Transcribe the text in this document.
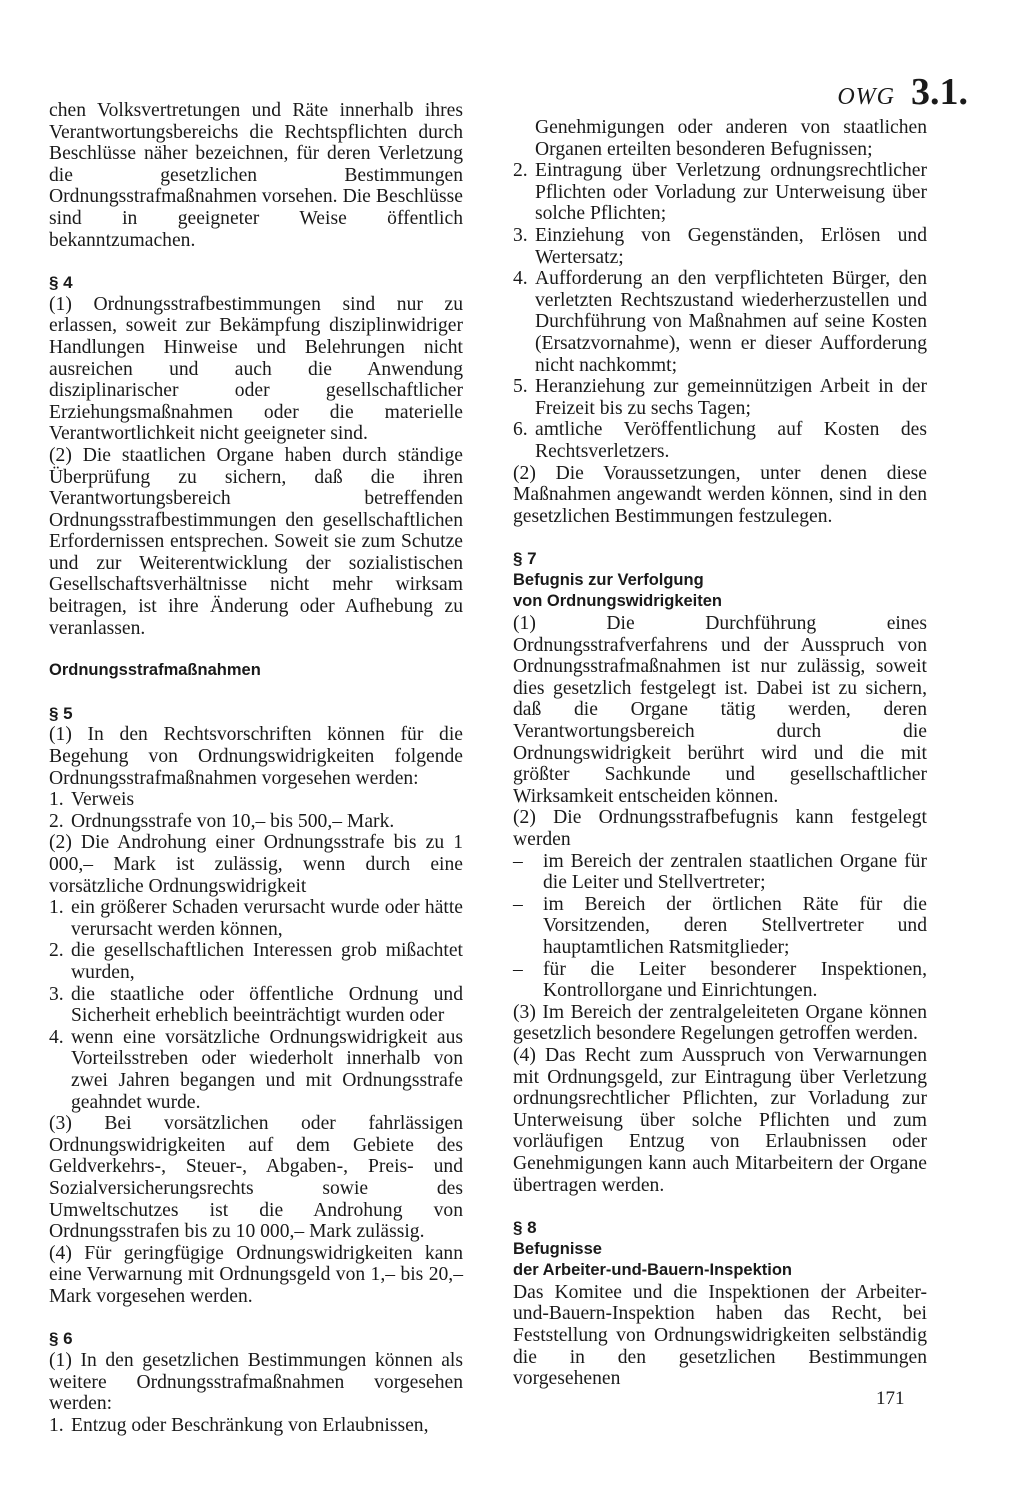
OWG 3.1.

chen Volksvertretungen und Räte innerhalb ihres Verantwortungsbereichs die Rechtspflichten durch Beschlüsse näher bezeichnen, für deren Verletzung die gesetzlichen Bestimmungen Ordnungsstrafmaßnahmen vorsehen. Die Beschlüsse sind in geeigneter Weise öffentlich bekanntzumachen.

§ 4

(1) Ordnungsstrafbestimmungen sind nur zu erlassen, soweit zur Bekämpfung disziplinwidriger Handlungen Hinweise und Belehrungen nicht ausreichen und auch die Anwendung disziplinarischer oder gesellschaftlicher Erziehungsmaßnahmen oder die materielle Verantwortlichkeit nicht geeigneter sind.

(2) Die staatlichen Organe haben durch ständige Überprüfung zu sichern, daß die ihren Verantwortungsbereich betreffenden Ordnungsstrafbestimmungen den gesellschaftlichen Erfordernissen entsprechen. Soweit sie zum Schutze und zur Weiterentwicklung der sozialistischen Gesellschaftsverhältnisse nicht mehr wirksam beitragen, ist ihre Änderung oder Aufhebung zu veranlassen.

Ordnungsstrafmaßnahmen

§ 5

(1) In den Rechtsvorschriften können für die Begehung von Ordnungswidrigkeiten folgende Ordnungsstrafmaßnahmen vorgesehen werden:

1. Verweis
2. Ordnungsstrafe von 10,– bis 500,– Mark.

(2) Die Androhung einer Ordnungsstrafe bis zu 1 000,– Mark ist zulässig, wenn durch eine vorsätzliche Ordnungswidrigkeit

1. ein größerer Schaden verursacht wurde oder hätte verursacht werden können,
2. die gesellschaftlichen Interessen grob mißachtet wurden,
3. die staatliche oder öffentliche Ordnung und Sicherheit erheblich beeinträchtigt wurden oder
4. wenn eine vorsätzliche Ordnungswidrigkeit aus Vorteilsstreben oder wiederholt innerhalb von zwei Jahren begangen und mit Ordnungsstrafe geahndet wurde.

(3) Bei vorsätzlichen oder fahrlässigen Ordnungswidrigkeiten auf dem Gebiete des Geldverkehrs-, Steuer-, Abgaben-, Preis- und Sozialversicherungsrechts sowie des Umweltschutzes ist die Androhung von Ordnungsstrafen bis zu 10 000,– Mark zulässig.

(4) Für geringfügige Ordnungswidrigkeiten kann eine Verwarnung mit Ordnungsgeld von 1,– bis 20,– Mark vorgesehen werden.

§ 6

(1) In den gesetzlichen Bestimmungen können als weitere Ordnungsstrafmaßnahmen vorgesehen werden:

1. Entzug oder Beschränkung von Erlaubnissen,
Genehmigungen oder anderen von staatlichen Organen erteilten besonderen Befugnissen;
2. Eintragung über Verletzung ordnungsrechtlicher Pflichten oder Vorladung zur Unterweisung über solche Pflichten;
3. Einziehung von Gegenständen, Erlösen und Wertersatz;
4. Aufforderung an den verpflichteten Bürger, den verletzten Rechtszustand wiederherzustellen und Durchführung von Maßnahmen auf seine Kosten (Ersatzvornahme), wenn er dieser Aufforderung nicht nachkommt;
5. Heranziehung zur gemeinnützigen Arbeit in der Freizeit bis zu sechs Tagen;
6. amtliche Veröffentlichung auf Kosten des Rechtsverletzers.

(2) Die Voraussetzungen, unter denen diese Maßnahmen angewandt werden können, sind in den gesetzlichen Bestimmungen festzulegen.

§ 7

Befugnis zur Verfolgung

von Ordnungswidrigkeiten

(1) Die Durchführung eines Ordnungsstrafverfahrens und der Ausspruch von Ordnungsstrafmaßnahmen ist nur zulässig, soweit dies gesetzlich festgelegt ist. Dabei ist zu sichern, daß die Organe tätig werden, deren Verantwortungsbereich durch die Ordnungswidrigkeit berührt wird und die mit größter Sachkunde und gesellschaftlicher Wirksamkeit entscheiden können.

(2) Die Ordnungsstrafbefugnis kann festgelegt werden

–	im Bereich der zentralen staatlichen Organe für die Leiter und Stellvertreter;
–	im Bereich der örtlichen Räte für die Vorsitzenden, deren Stellvertreter und hauptamtlichen Ratsmitglieder;
–	für die Leiter besonderer Inspektionen, Kontrollorgane und Einrichtungen.

(3) Im Bereich der zentralgeleiteten Organe können gesetzlich besondere Regelungen getroffen werden.

(4) Das Recht zum Ausspruch von Verwarnungen mit Ordnungsgeld, zur Eintragung über Verletzung ordnungsrechtlicher Pflichten, zur Vorladung zur Unterweisung über solche Pflichten und zum vorläufigen Entzug von Erlaubnissen oder Genehmigungen kann auch Mitarbeitern der Organe übertragen werden.

§ 8

Befugnisse

der Arbeiter-und-Bauern-Inspektion

Das Komitee und die Inspektionen der Arbeiter- und-Bauern-Inspektion haben das Recht, bei Feststellung von Ordnungswidrigkeiten selbständig die in den gesetzlichen Bestimmungen vorgesehenen

171
